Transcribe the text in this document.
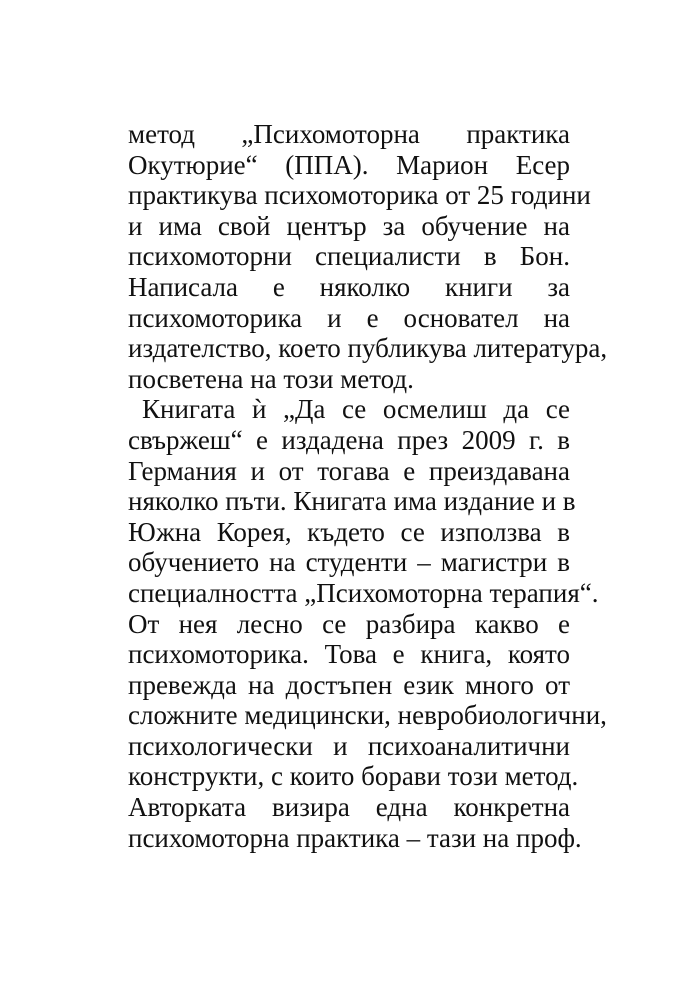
метод „Психомоторна практика
Окутюрие“ (ППА). Марион Есер
практикува психомоторика от 25 години
и има свой център за обучение на
психомоторни специалисти в Бон.
Написала е няколко книги за
психомоторика и е основател на
издателство, което публикува литература,
посветена на този метод.
Книгата ѝ „Да се осмелиш да се
свържеш“ е издадена през 2009 г. в
Германия и от тогава е преиздавана
няколко пъти. Книгата има издание и в
Южна Корея, където се използва в
обучението на студенти – магистри в
специалността „Психомоторна терапия“.
От нея лесно се разбира какво е
психомоторика. Това е книга, която
превежда на достъпен език много от
сложните медицински, невробиологични,
психологически и психоаналитични
конструкти, с които борави този метод.
Авторката визира една конкретна
психомоторна практика – тази на проф.
